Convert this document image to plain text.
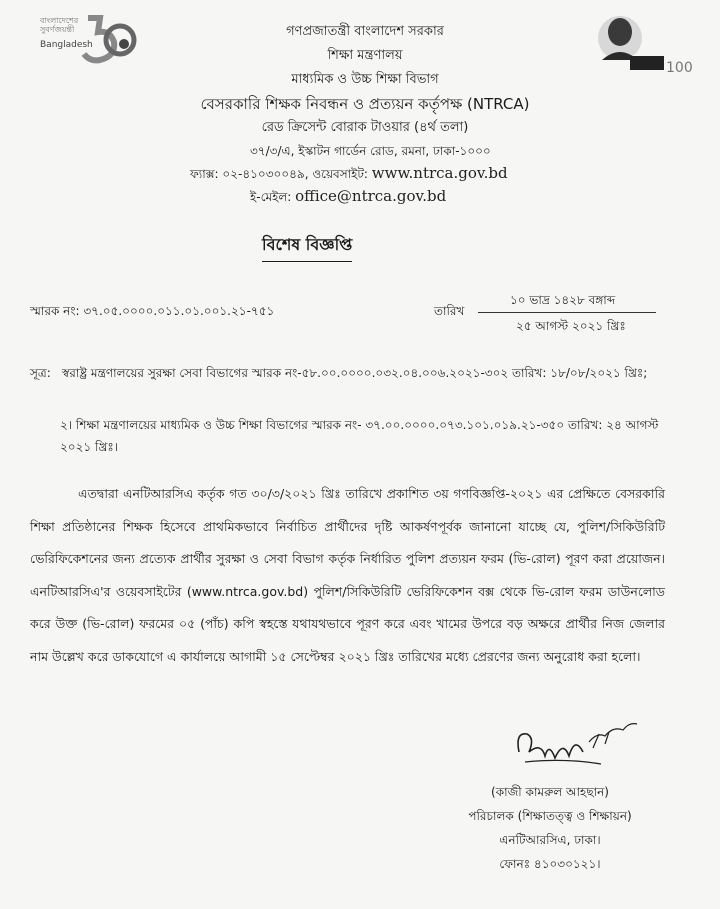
বাংলাদেশের সুবর্ণজয়ন্তী
Bangladesh
100
গণপ্রজাতন্ত্রী বাংলাদেশ সরকার
শিক্ষা মন্ত্রণালয়
মাধ্যমিক ও উচ্চ শিক্ষা বিভাগ
বেসরকারি শিক্ষক নিবন্ধন ও প্রত্যয়ন কর্তৃপক্ষ (NTRCA)
রেড ক্রিসেন্ট বোরাক টাওয়ার (৪র্থ তলা)
৩৭/৩/এ, ইস্কাটন গার্ডেন রোড, রমনা, ঢাকা-১০০০
ফ্যাক্স: ০২-৪১০৩০০৪৯, ওয়েবসাইট: www.ntrca.gov.bd
ই-মেইল: office@ntrca.gov.bd
বিশেষ বিজ্ঞপ্তি
স্মারক নং: ৩৭.০৫.০০০০.০১১.০১.০০১.২১-৭৫১	তারিখ
১০ ভাদ্র ১৪২৮ বঙ্গাব্দ
২৫ আগস্ট ২০২১ খ্রিঃ
সূত্র: স্বরাষ্ট্র মন্ত্রণালয়ের সুরক্ষা সেবা বিভাগের স্মারক নং-৫৮.০০.০০০০.০৩২.০৪.০০৬.২০২১-৩০২ তারিখ: ১৮/০৮/২০২১ খ্রিঃ;
২। শিক্ষা মন্ত্রণালয়ের মাধ্যমিক ও উচ্চ শিক্ষা বিভাগের স্মারক নং- ৩৭.০০.০০০০.০৭৩.১০১.০১৯.২১-৩৫০ তারিখ: ২৪ আগস্ট ২০২১ খ্রিঃ।
এতদ্বারা এনটিআরসিএ কর্তৃক গত ৩০/৩/২০২১ খ্রিঃ তারিখে প্রকাশিত ৩য় গণবিজ্ঞপ্তি-২০২১ এর প্রেক্ষিতে বেসরকারি শিক্ষা প্রতিষ্ঠানের শিক্ষক হিসেবে প্রাথমিকভাবে নির্বাচিত প্রার্থীদের দৃষ্টি আকর্ষণপূর্বক জানানো যাচ্ছে যে, পুলিশ/সিকিউরিটি ভেরিফিকেশনের জন্য প্রত্যেক প্রার্থীর সুরক্ষা ও সেবা বিভাগ কর্তৃক নির্ধারিত পুলিশ প্রত্যয়ন ফরম (ভি-রোল) পূরণ করা প্রয়োজন। এনটিআরসিএ'র ওয়েবসাইটের (www.ntrca.gov.bd) পুলিশ/সিকিউরিটি ভেরিফিকেশন বক্স থেকে ভি-রোল ফরম ডাউনলোড করে উক্ত (ভি-রোল) ফরমের ০৫ (পাঁচ) কপি স্বহস্তে যথাযথভাবে পূরণ করে এবং খামের উপরে বড় অক্ষরে প্রার্থীর নিজ জেলার নাম উল্লেখ করে ডাকযোগে এ কার্যালয়ে আগামী ১৫ সেপ্টেম্বর ২০২১ খ্রিঃ তারিখের মধ্যে প্রেরণের জন্য অনুরোধ করা হলো।
(কাজী কামরুল আহছান)
পরিচালক (শিক্ষাতত্ত্ব ও শিক্ষায়ন)
এনটিআরসিএ, ঢাকা।
ফোনঃ ৪১০৩০১২১।
